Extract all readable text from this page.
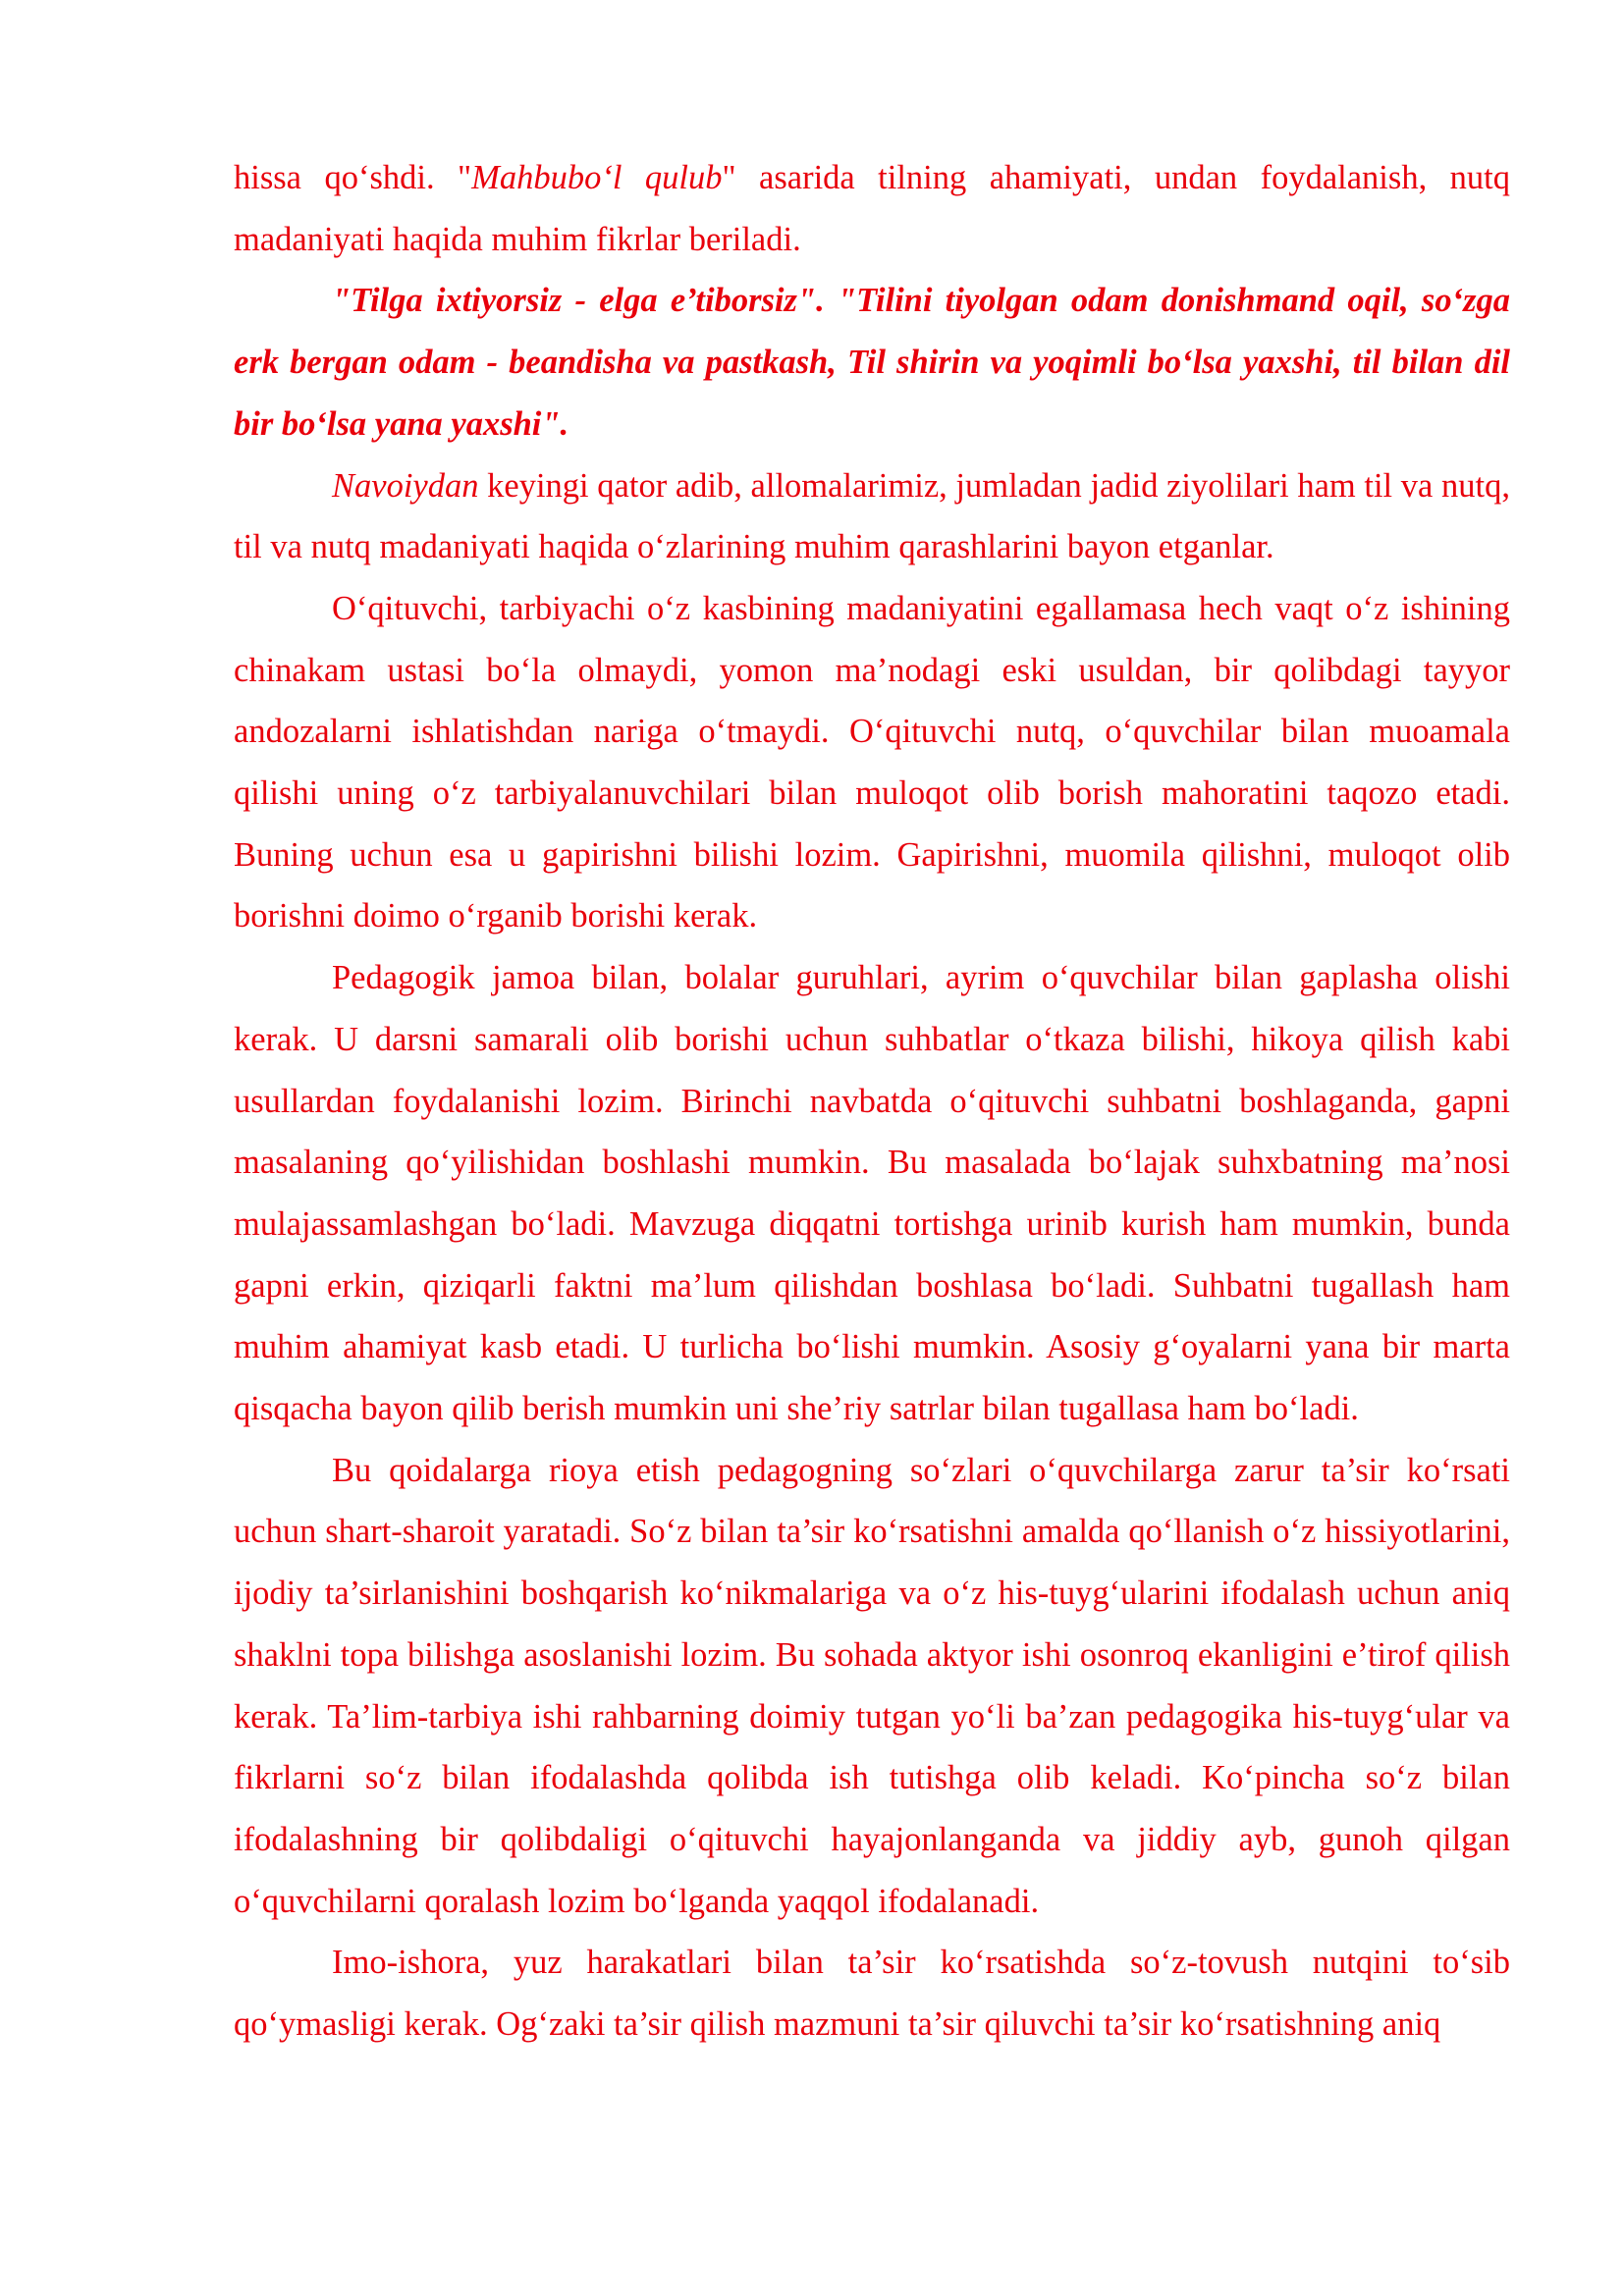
hissa qo‘shdi. "Mahbubo‘l qulub" asarida tilning ahamiyati, undan foydalanish, nutq madaniyati haqida muhim fikrlar beriladi.

"Tilga ixtiyorsiz - elga e’tiborsiz". "Tilini tiyolgan odam donishmand oqil, so‘zga erk bergan odam - beandisha va pastkash, Til shirin va yoqimli bo‘lsa yaxshi, til bilan dil bir bo‘lsa yana yaxshi".

Navoiydan keyingi qator adib, allomalarimiz, jumladan jadid ziyolilari ham til va nutq, til va nutq madaniyati haqida o‘zlarining muhim qarashlarini bayon etganlar.

O‘qituvchi, tarbiyachi o‘z kasbining madaniyatini egallamasa hech vaqt o‘z ishining chinakam ustasi bo‘la olmaydi, yomon ma’nodagi eski usuldan, bir qolibdagi tayyor andozalarni ishlatishdan nariga o‘tmaydi. O‘qituvchi nutq, o‘quvchilar bilan muoamala qilishi uning o‘z tarbiyalanuvchilari bilan muloqot olib borish mahoratini taqozo etadi. Buning uchun esa u gapirishni bilishi lozim. Gapirishni, muomila qilishni, muloqot olib borishni doimo o‘rganib borishi kerak.

Pedagogik jamoa bilan, bolalar guruhlari, ayrim o‘quvchilar bilan gaplasha olishi kerak. U darsni samarali olib borishi uchun suhbatlar o‘tkaza bilishi, hikoya qilish kabi usullardan foydalanishi lozim. Birinchi navbatda o‘qituvchi suhbatni boshlaganda, gapni masalaning qo‘yilishidan boshlashi mumkin. Bu masalada bo‘lajak suhxbatning ma’nosi mulajassamlashgan bo‘ladi. Mavzuga diqqatni tortishga urinib kurish ham mumkin, bunda gapni erkin, qiziqarli faktni ma’lum qilishdan boshlasa bo‘ladi. Suhbatni tugallash ham muhim ahamiyat kasb etadi. U turlicha bo‘lishi mumkin. Asosiy g‘oyalarni yana bir marta qisqacha bayon qilib berish mumkin uni she’riy satrlar bilan tugallasa ham bo‘ladi.

Bu qoidalarga rioya etish pedagogning so‘zlari o‘quvchilarga zarur ta’sir ko‘rsati uchun shart-sharoit yaratadi. So‘z bilan ta’sir ko‘rsatishni amalda qo‘llanish o‘z hissiyotlarini, ijodiy ta’sirlanishini boshqarish ko‘nikmalariga va o‘z his-tuyg‘ularini ifodalash uchun aniq shaklni topa bilishga asoslanishi lozim. Bu sohada aktyor ishi osonroq ekanligini e’tirof qilish kerak. Ta’lim-tarbiya ishi rahbarning doimiy tutgan yo‘li ba’zan pedagogika his-tuyg‘ular va fikrlarni so‘z bilan ifodalashda qolibda ish tutishga olib keladi. Ko‘pincha so‘z bilan ifodalashning bir qolibdaligi o‘qituvchi hayajonlanganda va jiddiy ayb, gunoh qilgan o‘quvchilarni qoralash lozim bo‘lganda yaqqol ifodalanadi.

Imo-ishora, yuz harakatlari bilan ta’sir ko‘rsatishda so‘z-tovush nutqini to‘sib qo‘ymasligi kerak. Og‘zaki ta’sir qilish mazmuni ta’sir qiluvchi ta’sir ko‘rsatishning aniq
